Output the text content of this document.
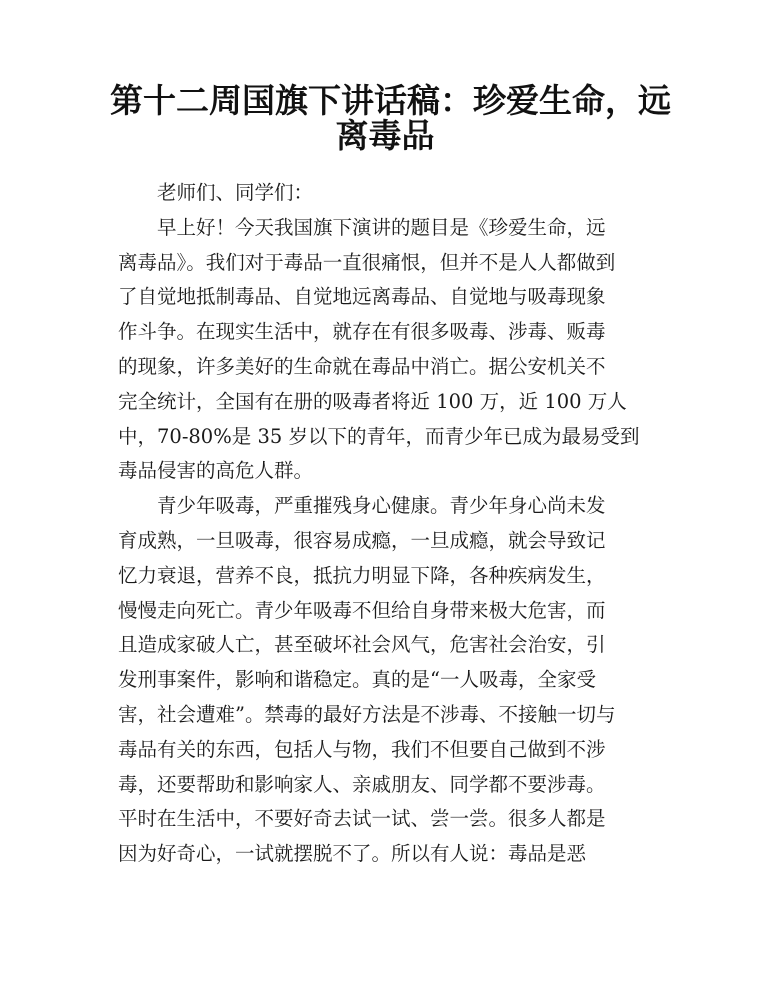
第十二周国旗下讲话稿：珍爱生命，远
离毒品

老师们、同学们：

早上好！今天我国旗下演讲的题目是《珍爱生命，远
离毒品》。我们对于毒品一直很痛恨，但并不是人人都做到
了自觉地抵制毒品、自觉地远离毒品、自觉地与吸毒现象
作斗争。在现实生活中，就存在有很多吸毒、涉毒、贩毒
的现象，许多美好的生命就在毒品中消亡。据公安机关不
完全统计，全国有在册的吸毒者将近 100 万，近 100 万人
中，70-80%是 35 岁以下的青年，而青少年已成为最易受到
毒品侵害的高危人群。

青少年吸毒，严重摧残身心健康。青少年身心尚未发
育成熟，一旦吸毒，很容易成瘾，一旦成瘾，就会导致记
忆力衰退，营养不良，抵抗力明显下降，各种疾病发生，
慢慢走向死亡。青少年吸毒不但给自身带来极大危害，而
且造成家破人亡，甚至破坏社会风气，危害社会治安，引
发刑事案件，影响和谐稳定。真的是“一人吸毒，全家受
害，社会遭难”。禁毒的最好方法是不涉毒、不接触一切与
毒品有关的东西，包括人与物，我们不但要自己做到不涉
毒，还要帮助和影响家人、亲戚朋友、同学都不要涉毒。
平时在生活中，不要好奇去试一试、尝一尝。很多人都是
因为好奇心，一试就摆脱不了。所以有人说：毒品是恶
